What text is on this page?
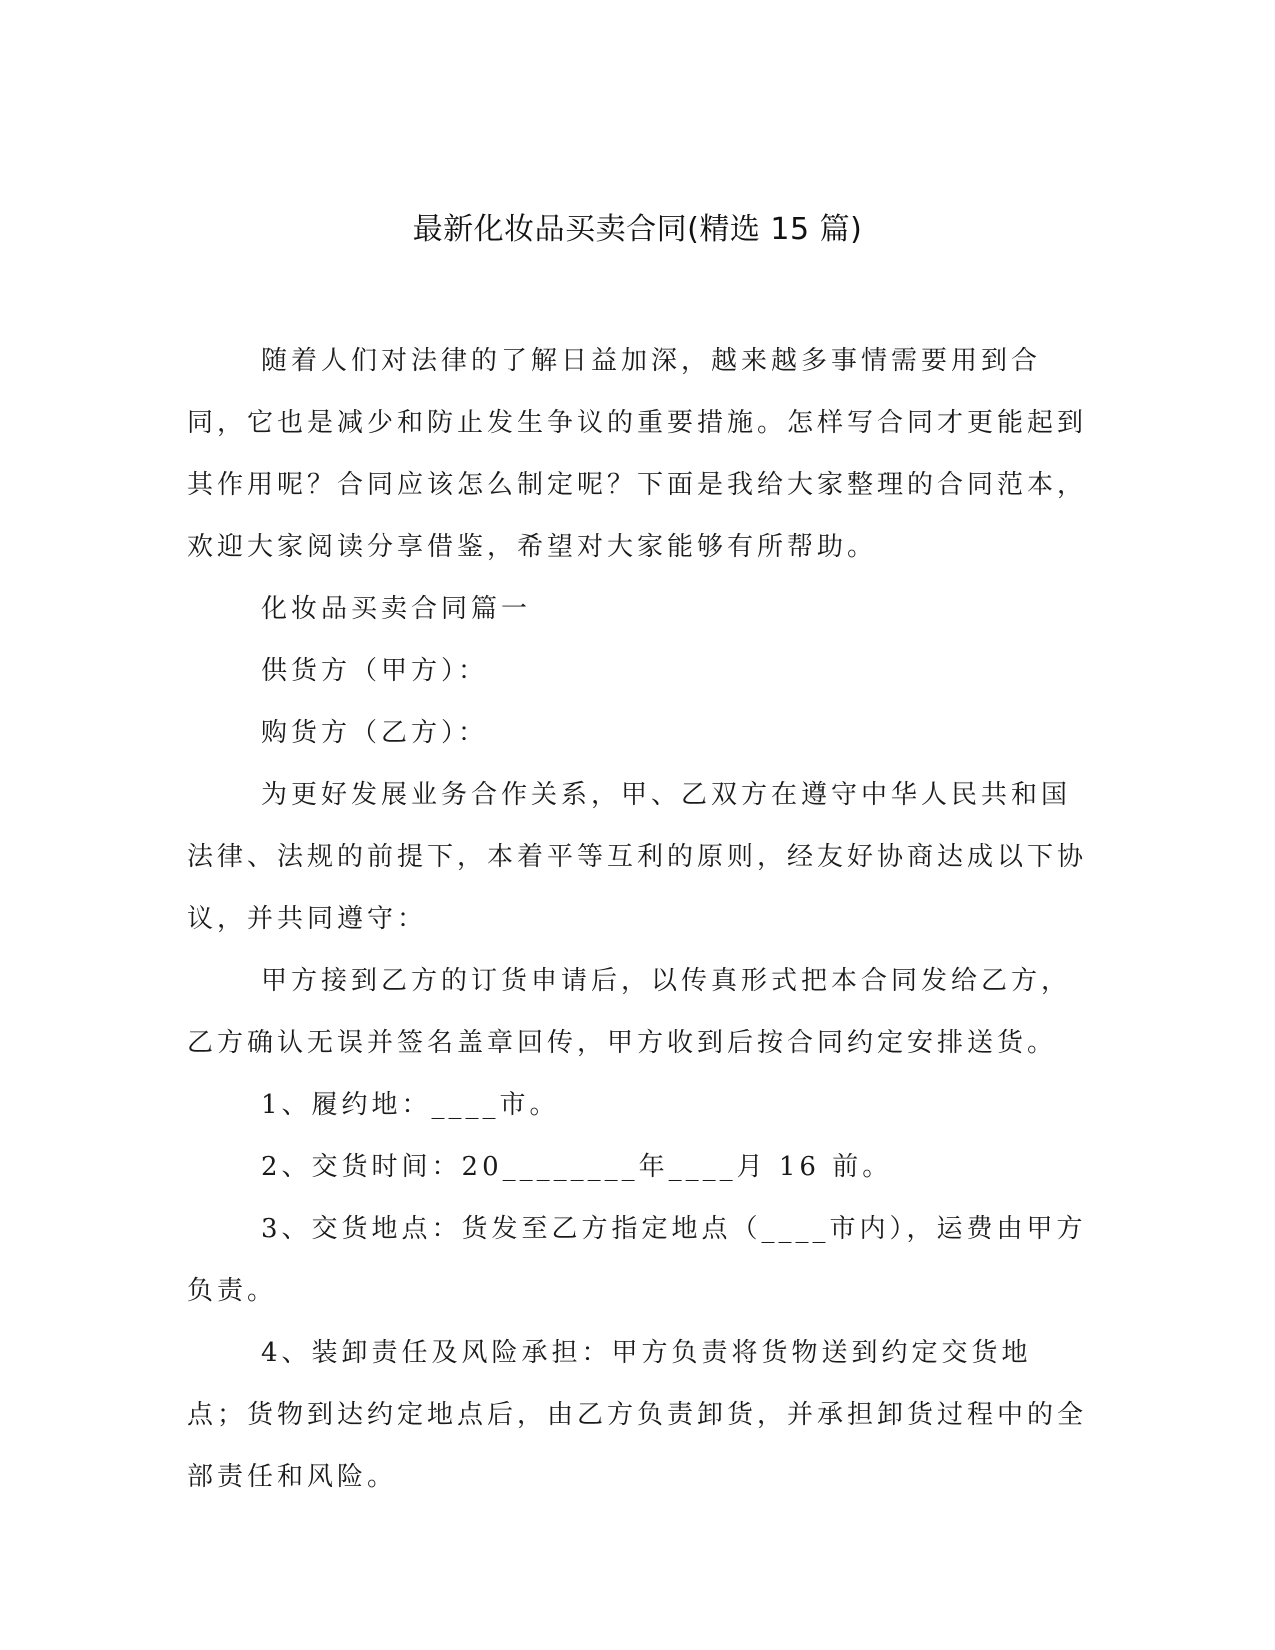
最新化妆品买卖合同(精选 15 篇)

随着人们对法律的了解日益加深，越来越多事情需要用到合同，它也是减少和防止发生争议的重要措施。怎样写合同才更能起到其作用呢？合同应该怎么制定呢？下面是我给大家整理的合同范本，欢迎大家阅读分享借鉴，希望对大家能够有所帮助。

化妆品买卖合同篇一

供货方（甲方）：

购货方（乙方）：

为更好发展业务合作关系，甲、乙双方在遵守中华人民共和国法律、法规的前提下，本着平等互利的原则，经友好协商达成以下协议，并共同遵守：

甲方接到乙方的订货申请后，以传真形式把本合同发给乙方，乙方确认无误并签名盖章回传，甲方收到后按合同约定安排送货。

1、履约地：____市。

2、交货时间：20________年____月 16 前。

3、交货地点：货发至乙方指定地点（____市内），运费由甲方负责。

4、装卸责任及风险承担：甲方负责将货物送到约定交货地点；货物到达约定地点后，由乙方负责卸货，并承担卸货过程中的全部责任和风险。
